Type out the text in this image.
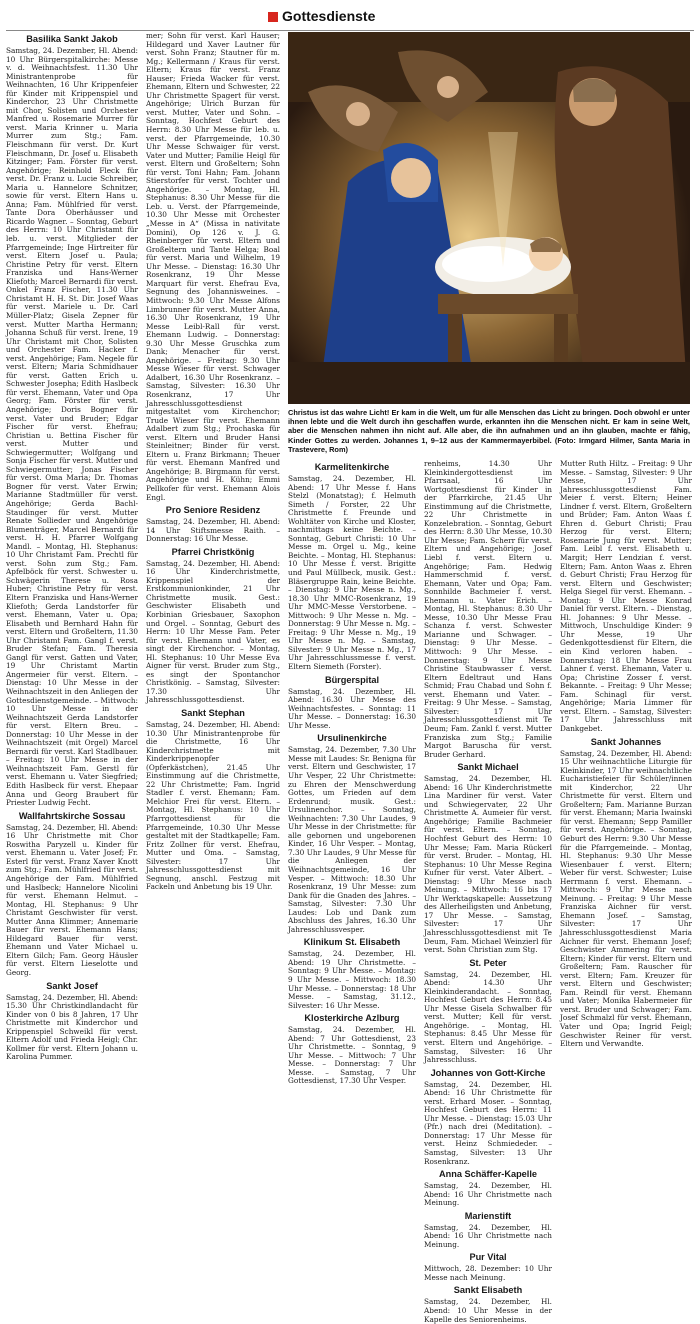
Gottesdienste
Basilika Sankt Jakob

Samstag, 24. Dezember, Hl. Abend: 10 Uhr Bürgerspitalkirche: Messe v. d. Weihnachtsfest. 11.30 Uhr Ministrantenprobe für Weihnachten, 16 Uhr Krippenfeier für Kinder mit Krippenspiel und Kinderchor, 23 Uhr Christmette mit Chor, Solisten und Orchester Manfred u. Rosemarie Murrer für verst. Maria Krinner u. Maria Murrer zum Stg.; Fam. Fleischmann für verst. Dr. Kurt Fleischmann, Dr. Josef u. Elisabeth Kitzinger; Fam. Förster für verst. Angehörige; Reinhold Fleck für verst. Dr. Franz u. Lucie Schreiber, Maria u. Hannelore Schnitzer, sowie für verst. Eltern Hans u. Anna; Fam. Mühlfried für verst. Tante Dora Oberhäusser und Ricardo Wagner. – Sonntag, Geburt des Herrn: 10 Uhr Christamt für leb. u. verst. Mitglieder der Pfarrgemeinde; Inge Hirtreiter für verst. Eltern Josef u. Paula; Christine Petry für verst. Eltern Franziska und Hans-Werner Kliefoth; Marcel Bernardi für verst. Onkel Franz Fischer, 11.30 Uhr Christamt H. H. St. Dir. Josef Waas für verst. Mariele u. Dr. Carl Müller-Platz; Gisela Zepner für verst. Mutter Martha Hermann; Johanna Schuß für verst. Irene, 19 Uhr Christamt mit Chor, Solisten und Orchester Fam. Hacker f. verst. Angehörige; Fam. Negele für verst. Eltern; Maria Schmidhauer für verst. Gatten Erich u. Schwester Josepha; Edith Haslbeck für verst. Ehemann, Vater und Opa Georg; Fam. Förster für verst. Angehörige; Doris Bogner für verst. Vater und Bruder; Edgar Fischer für verst. Ehefrau; Christian u. Bettina Fischer für verst. Mutter und Schwiegermutter; Wolfgang und Sonja Fischer für verst. Mutter und Schwiegermutter; Jonas Fischer für verst. Oma Maria; Dr. Thomas Bogner für verst. Vater Erwin; Marianne Stadtmüller für verst. Angehörige; Gerda Bachl-Staudinger für verst. Mutter Renate Sollieder und Angehörige Blumenträger, Marcel Bernardi für verst. H. H. Pfarrer Wolfgang Mandl. – Montag, Hl. Stephanus: 10 Uhr Christamt Fam. Prechtl für verst. Sohn zum Stg.; Fam. Apfelböck für verst. Schwester u. Schwägerin Therese u. Rosa Huber; Christine Petry für verst. Eltern Franziska und Hans-Werner Kliefoth; Gerda Landstorfer für verst. Ehemann, Vater u. Opa; Elisabeth und Bernhard Hahn für verst. Eltern und Großeltern, 11.30 Uhr Christamt Fam. Gangl f. verst. Bruder Stefan; Fam. Theresia Gangl für verst. Gatten und Vater, 19 Uhr Christamt Martin Angermeier für verst. Eltern. – Dienstag: 10 Uhr Messe in der Weihnachtszeit in den Anliegen der Gottesdienstgemeinde. – Mittwoch: 10 Uhr Messe in der Weihnachtszeit Gerda Landstorfer für verst. Eltern Breu. – Donnerstag: 10 Uhr Messe in der Weihnachtszeit (mit Orgel) Marcel Bernardi für verst. Karl Stadlbauer. – Freitag: 10 Uhr Messe in der Weihnachtszeit Fam. Gerstl für verst. Ehemann u. Vater Siegfried; Edith Haslbeck für verst. Ehepaar Anna und Georg Braubert für Priester Ludwig Fecht.

Wallfahrtskirche Sossau

Samstag, 24. Dezember, Hl. Abend: 16 Uhr Christmette mit Chor Roswitha Paryzell u. Kinder für verst. Ehemann u. Vater Josef; Fr. Esterl für verst. Franz Xaver Knott zum Stg.; Fam. Mühlfried für verst. Angehörige der Fam. Mühlfried und Haslbeck; Hannelore Nicolini für verst. Ehemann Helmut. – Montag, Hl. Stephanus: 9 Uhr Christamt Geschwister für verst. Mutter Anna Klimmer; Annemarie Bauer für verst. Ehemann Hans; Hildegard Bauer für verst. Ehemann und Vater Michael u. Eltern Gilch; Fam. Georg Häusler für verst. Eltern Lieselotte und Georg.

Sankt Josef

Samstag, 24. Dezember, Hl. Abend: 15.30 Uhr Christkindlandacht für Kinder von 0 bis 8 Jahren, 17 Uhr Christmette mit Kinderchor und Krippenspiel Schweikl für verst. Eltern Adolf und Frieda Heigl; Chr. Kollmer für verst. Eltern Johann u. Karolina Pummer.

mer; Sohn für verst. Karl Hauser; Hildegard und Xaver Lautner für verst. Sohn Franz; Stautner für m. Mg.; Kellermann / Kraus für verst. Eltern; Kraus für verst. Franz Hauser; Frieda Wacker für verst. Ehemann, Eltern und Schwester, 22 Uhr Christmette Spagert für verst. Angehörige; Ulrich Burzan für verst. Mutter, Vater und Sohn. – Sonntag, Hochfest Geburt des Herrn: 8.30 Uhr Messe für leb. u. verst. der Pfarrgemeinde, 10.30 Uhr Messe Schwaiger für verst. Vater und Mutter; Familie Heigl für verst. Eltern und Großeltern; Sohn für verst. Toni Hahn; Fam. Johann Stierstorfer für verst. Tochter und Angehörige. – Montag, Hl. Stephanus: 8.30 Uhr Messe für die Leb. u. Verst. der Pfarrgemeinde, 10.30 Uhr Messe mit Orchester „Messe in A“ (Missa in nativitate Domini), Op 126 v. J. G. Rheinberger für verst. Eltern und Großeltern und Tante Helga; Boal für verst. Maria und Wilhelm, 19 Uhr Messe. – Dienstag: 16.30 Uhr Rosenkranz, 19 Uhr Messe Marquart für verst. Ehefrau Eva, Segnung des Johannisweines. – Mittwoch: 9.30 Uhr Messe Alfons Limbrunner für verst. Mutter Anna, 16.30 Uhr Rosenkranz, 19 Uhr Messe Leibl-Rall für verst. Ehemann Ludwig. – Donnerstag: 9.30 Uhr Messe Gruschka zum Dank; Menacher für verst. Angehörige. – Freitag: 9.30 Uhr Messe Wieser für verst. Schwager Adalbert, 16.30 Uhr Rosenkranz. – Samstag, Silvester: 16.30 Uhr Rosenkranz, 17 Uhr Jahresschlussgottesdienst mitgestaltet vom Kirchenchor; Trude Wieser für verst. Ehemann Adalbert zum Stg.; Prochaska für verst. Eltern und Bruder Hansi Steinleitner; Binder für verst. Eltern u. Franz Birkmann; Theuer für verst. Ehemann Manfred und Angehörige; B. Birgmann für verst. Angehörige und H. Kühn; Emmi Pellkofer für verst. Ehemann Alois Engl.

Pro Seniore Residenz

Samstag, 24. Dezember, Hl. Abend: 14 Uhr Stiftsmesse Raith. – Donnerstag: 16 Uhr Messe.

Pfarrei Christkönig

Samstag, 24. Dezember, Hl. Abend: 16 Uhr Kinderchristmette, Krippenspiel der Erstkommunionkinder, 21 Uhr Christmette musik. Gest.: Geschwister Elisabeth und Korbinian Griesbauer, Saxophon und Orgel. – Sonntag, Geburt des Herrn: 10 Uhr Messe Fam. Peter für verst. Ehemann und Vater, es singt der Kirchenchor. – Montag, Hl. Stephanus: 10 Uhr Messe Eva Aigner für verst. Bruder zum Stg., es singt der Spontanchor Christkönig. – Samstag, Silvester: 17.30 Uhr Jahresschlussgottesdienst.

Sankt Stephan

Samstag, 24. Dezember, Hl. Abend: 10.30 Uhr Ministrantenprobe für die Christmette, 16 Uhr Kinderchristmette mit Kinderkrippenopfer (Opferkästchen), 21.45 Uhr Einstimmung auf die Christmette, 22 Uhr Christmette; Fam. Ingrid Stadler f. verst. Ehemann; Fam. Melchior Frei für verst. Eltern. – Montag, Hl. Stephanus: 10 Uhr Pfarrgottesdienst für die Pfarrgemeinde, 10.30 Uhr Messe gestaltet mit der Stadtkapelle; Fam. Fritz Zollner für verst. Ehefrau, Mutter und Oma. – Samstag, Silvester: 17 Uhr Jahresschlussgottesdienst mit Segnung, anschl. Festzug mit Fackeln und Anbetung bis 19 Uhr.

Christus ist das wahre Licht! Er kam in die Welt, um für alle Menschen das Licht zu bringen. Doch obwohl er unter ihnen lebte und die Welt durch ihn geschaffen wurde, erkannten ihn die Menschen nicht. Er kam in seine Welt, aber die Menschen nahmen ihn nicht auf. Alle aber, die ihn aufnahmen und an ihn glauben, machte er fähig, Kinder Gottes zu werden. Johannes 1, 9–12 aus der Kammermayerbibel. (Foto: Irmgard Hilmer, Santa Maria in Trastevere, Rom)
Karmelitenkirche

Samstag, 24. Dezember, Hl. Abend: 17 Uhr Messe f. Hans Stelzl (Monatstag); f. Helmuth Simeth / Forster, 22 Uhr Christmette f. Freunde und Wohltäter von Kirche und Kloster, nachmittags keine Beichte. – Sonntag, Geburt Christi: 10 Uhr Messe m. Orgel u. Mg., keine Beichte. – Montag, Hl. Stephanus: 10 Uhr Messe f. verst. Brigitte und Paul Müllbeck, musik. Gest.: Bläsergruppe Rain, keine Beichte. – Dienstag: 9 Uhr Messe n. Mg., 18.30 Uhr MMC-Rosenkranz, 19 Uhr MMC-Messe Verstorbene. – Mittwoch: 9 Uhr Messe n. Mg. – Donnerstag: 9 Uhr Messe n. Mg. – Freitag: 9 Uhr Messe n. Mg., 19 Uhr Messe n. Mg. – Samstag, Silvester: 9 Uhr Messe n. Mg., 17 Uhr Jahresschlussmesse f. verst. Eltern Siemeth (Forster).

Bürgerspital

Samstag, 24. Dezember, Hl. Abend: 16.30 Uhr Messe des Weihnachtsfestes. – Sonntag: 11 Uhr Messe. – Donnerstag: 16.30 Uhr Messe.

Ursulinenkirche

Samstag, 24. Dezember, 7.30 Uhr Messe mit Laudes: Sr. Benigna für verst. Eltern und Geschwister, 17 Uhr Vesper, 22 Uhr Christmette: zu Ehren der Menschwerdung Gottes, um Frieden auf dem Erdenrund; musik. Gest.: Ursulinenchor. – Sonntag, Weihnachten: 7.30 Uhr Laudes, 9 Uhr Messe in der Christmette: für alle gebornen und ungeborenen Kinder, 16 Uhr Vesper. – Montag, 7.30 Uhr Laudes, 9 Uhr Messe für die Anliegen der Weihnachtsgemeinde, 16 Uhr Vesper. – Mittwoch: 18.30 Uhr Rosenkranz, 19 Uhr Messe: zum Dank für die Gnaden des Jahres. – Samstag, Silvester: 7.30 Uhr Laudes: Lob und Dank zum Abschluss des Jahres, 16.30 Uhr Jahresschlussvesper.

Klinikum St. Elisabeth

Samstag, 24. Dezember, Hl. Abend: 19 Uhr Christmette. – Sonntag: 9 Uhr Messe. – Montag: 9 Uhr Messe. – Mittwoch: 18.30 Uhr Messe. – Donnerstag: 18 Uhr Messe. – Samstag, 31.12., Silvester: 16 Uhr Messe.

Klosterkirche Azlburg

Samstag, 24. Dezember, Hl. Abend: 7 Uhr Gottesdienst, 23 Uhr Christmette. – Sonntag, 9 Uhr Messe. – Mittwoch: 7 Uhr Messe. – Donnerstag: 7 Uhr Messe. – Samstag, 7 Uhr Gottesdienst, 17.30 Uhr Vesper.

renheims, 14.30 Uhr Kleinkindergottesdienst im Pfarrsaal, 16 Uhr Wortgottesdienst für Kinder in der Pfarrkirche, 21.45 Uhr Einstimmung auf die Christmette, 22 Uhr Christmette in Konzelebration. – Sonntag, Geburt des Herrn: 8.30 Uhr Messe, 10.30 Uhr Messe; Fam. Scherr für verst. Eltern und Angehörige; Josef Liebl f. verst. Eltern u. Angehörige; Fam. Hedwig Hammerschmid f. verst. Ehemann, Vater und Opa; Fam. Sonnhilde Bachmeier f. verst. Ehemann u. Vater Erich. – Montag, Hl. Stephanus: 8.30 Uhr Messe, 10.30 Uhr Messe Frau Schanza f. verst. Schwester Marianne und Schwager. – Dienstag: 9 Uhr Messe. – Mittwoch: 9 Uhr Messe. – Donnerstag: 9 Uhr Messe Christine Staubwasser f. verst. Eltern Edeltraut und Hans Schmid; Frau Chabad und Sohn f. verst. Ehemann und Vater. – Freitag: 9 Uhr Messe. – Samstag, Silvester: 17 Uhr Jahresschlussgottesdienst mit Te Deum; Fam. Zankl f. verst. Mutter Franziska zum Stg.; Familie Margot Baruscha für verst. Bruder Gerhard.

Sankt Michael

Samstag, 24. Dezember, Hl. Abend: 16 Uhr Kinderchristmette Lina Mardiner für verst. Vater und Schwiegervater, 22 Uhr Christmette A. Aumeier für verst. Angehörige; Familie Bachmeier für verst. Eltern. – Sonntag, Hochfest Geburt des Herrn: 10 Uhr Messe; Fam. Maria Rückerl für verst. Bruder. – Montag, Hl. Stephanus: 10 Uhr Messe Regina Kufner für verst. Vater Albert. – Dienstag: 9 Uhr Messe nach Meinung. – Mittwoch: 16 bis 17 Uhr Werktagskapelle: Aussetzung des Allerheiligsten und Anbetung, 17 Uhr Messe. – Samstag, Silvester: 17 Uhr Jahresschlussgottesdienst mit Te Deum, Fam. Michael Weinzierl für verst. Sohn Christian zum Stg.

St. Peter

Samstag, 24. Dezember, Hl. Abend: 14.30 Uhr Kleinkinderandacht. – Sonntag, Hochfest Geburt des Herrn: 8.45 Uhr Messe Gisela Schwalber für verst. Mutter; Kell für verst. Angehörige. – Montag, Hl. Stephanus: 8.45 Uhr Messe für verst. Eltern und Angehörige. – Samstag, Silvester: 16 Uhr Jahresschluss.

Johannes von Gott-Kirche

Samstag, 24. Dezember, Hl. Abend: 16 Uhr Christmette für verst. Erhard Moser. – Sonntag, Hochfest Geburt des Herrn: 11 Uhr Messe. – Dienstag: 15.03 Uhr (Pfr.) nach drei (Meditation). – Donnerstag: 17 Uhr Messe für verst. Heinz Schmiededer. – Samstag, Silvester: 13 Uhr Rosenkranz.

Anna Schäffer-Kapelle

Samstag, 24. Dezember, Hl. Abend: 16 Uhr Christmette nach Meinung.

Marienstift

Samstag, 24. Dezember, Hl. Abend: 16 Uhr Christmette nach Meinung.

Pur Vital

Mittwoch, 28. Dezember: 10 Uhr Messe nach Meinung.

Sankt Elisabeth

Samstag, 24. Dezember, Hl. Abend: 10 Uhr Messe in der Kapelle des Seniorenheims.

Mutter Ruth Hiltz. – Freitag: 9 Uhr Messe. – Samstag, Silvester: 9 Uhr Messe, 17 Uhr Jahresschlussgottesdienst Fam. Meier f. verst. Eltern; Heiner Lindner f. verst. Eltern, Großeltern und Brüder; Fam. Anton Waas f. Ehren d. Geburt Christi; Frau Herzog für verst. Eltern; Rosemarie Jung für verst. Mutter; Fam. Leibl f. verst. Elisabeth u. Margit; Herr Lendzian f. verst. Eltern; Fam. Anton Waas z. Ehren d. Geburt Christi; Frau Herzog für verst. Eltern und Geschwister; Helga Siegel für verst. Ehemann. – Montag: 9 Uhr Messe Konrad Daniel für verst. Eltern. – Dienstag, Hl. Johannes: 9 Uhr Messe. – Mittwoch, Unschuldige Kinder: 9 Uhr Messe, 19 Uhr Gedenkgottesdienst für Eltern, die ein Kind verloren haben. – Donnerstag: 18 Uhr Messe Frau Lahner f. verst. Ehemann, Vater u. Opa; Christine Zosser f. verst. Bekannte. – Freitag: 9 Uhr Messe; Fam. Schinagl für verst. Angehörige; Maria Limmer für verst. Eltern. – Samstag, Silvester: 17 Uhr Jahresschluss mit Dankgebet.

Sankt Johannes

Samstag, 24. Dezember, Hl. Abend: 15 Uhr weihnachtliche Liturgie für Kleinkinder, 17 Uhr weihnachtliche Eucharistiefeier für Schüler/innen mit Kinderchor, 22 Uhr Christmette für verst. Eltern und Großeltern; Fam. Marianne Burzan für verst. Ehemann; Maria Iwainski für verst. Ehemann; Sepp Pamiller für verst. Angehörige. – Sonntag, Geburt des Herrn: 9.30 Uhr Messe für die Pfarrgemeinde. – Montag, Hl. Stephanus: 9.30 Uhr Messe Wiesenbauer f. verst. Eltern; Weber für verst. Schwester; Luise Herrmann f. verst. Ehemann. – Mittwoch: 9 Uhr Messe nach Meinung. – Freitag: 9 Uhr Messe Franziska Aichner für verst. Ehemann Josef. – Samstag, Silvester: 17 Uhr Jahresschlussgottesdienst Maria Aichner für verst. Ehemann Josef; Geschwister Ammering für verst. Eltern; Kinder für verst. Eltern und Großeltern; Fam. Rauscher für verst. Eltern; Fam. Kreuzer für verst. Eltern und Geschwister; Fam. Reindl für verst. Ehemann und Vater; Monika Habermeier für verst. Bruder und Schwager; Fam. Josef Schmalzl für verst. Ehemann, Vater und Opa; Ingrid Feigl; Geschwister Reiner für verst. Eltern und Verwandte.
